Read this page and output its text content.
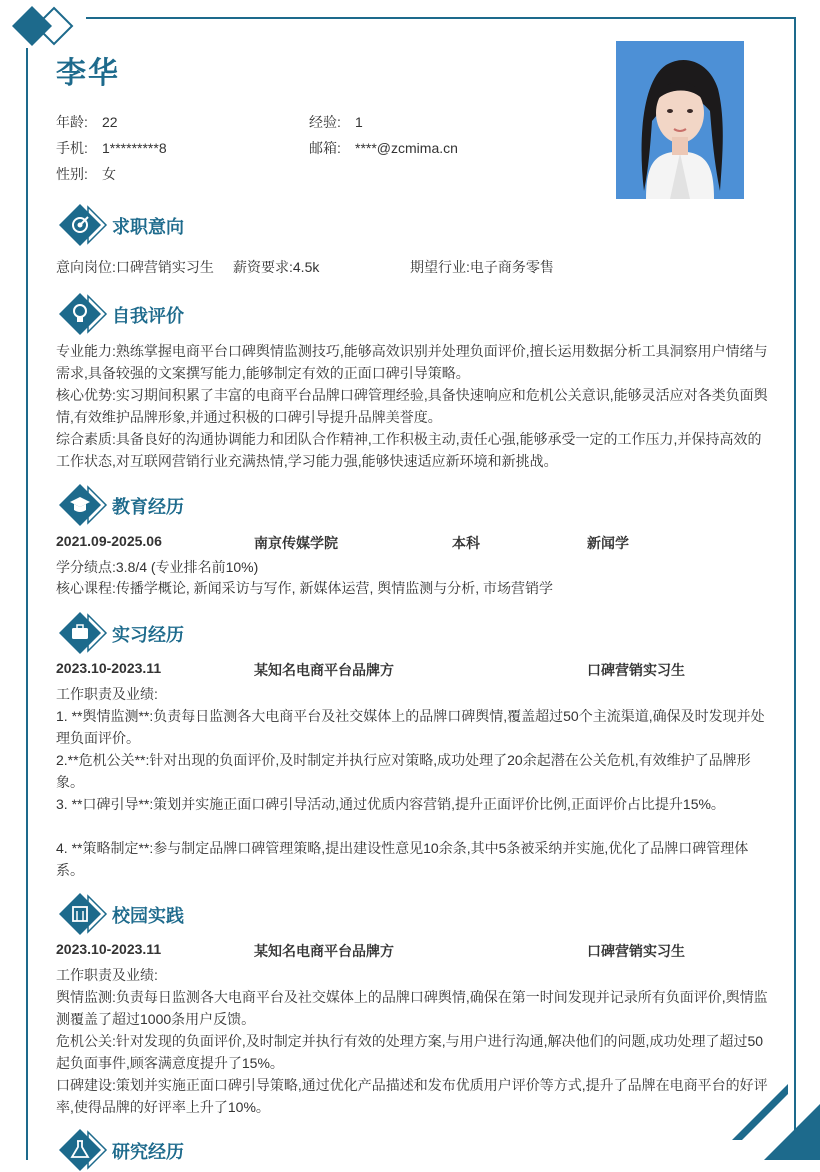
李华
年龄: 22	经验: 1
手机: 1*********8	邮箱: ****@zcmima.cn
性别: 女
求职意向
意向岗位:口碑营销实习生 薪资要求:4.5k	期望行业:电子商务零售
自我评价

专业能力:熟练掌握电商平台口碑舆情监测技巧,能够高效识别并处理负面评价,擅长运用数据分析工具洞察用户情绪与需求,具备较强的文案撰写能力,能够制定有效的正面口碑引导策略。

核心优势:实习期间积累了丰富的电商平台品牌口碑管理经验,具备快速响应和危机公关意识,能够灵活应对各类负面舆情,有效维护品牌形象,并通过积极的口碑引导提升品牌美誉度。

综合素质:具备良好的沟通协调能力和团队合作精神,工作积极主动,责任心强,能够承受一定的工作压力,并保持高效的工作状态,对互联网营销行业充满热情,学习能力强,能够快速适应新环境和新挑战。

教育经历
2021.09-2025.06	南京传媒学院	本科	新闻学
学分绩点:3.8/4 (专业排名前10%)
核心课程:传播学概论, 新闻采访与写作, 新媒体运营, 舆情监测与分析, 市场营销学
实习经历
2023.10-2023.11	某知名电商平台品牌方	口碑营销实习生
工作职责及业绩:

1. **舆情监测**:负责每日监测各大电商平台及社交媒体上的品牌口碑舆情,覆盖超过50个主流渠道,确保及时发现并处理负面评价。

2.**危机公关**:针对出现的负面评价,及时制定并执行应对策略,成功处理了20余起潜在公关危机,有效维护了品牌形象。

3. **口碑引导**:策划并实施正面口碑引导活动,通过优质内容营销,提升正面评价比例,正面评价占比提升15%。

4. **策略制定**:参与制定品牌口碑管理策略,提出建设性意见10余条,其中5条被采纳并实施,优化了品牌口碑管理体系。

校园实践
2023.10-2023.11	某知名电商平台品牌方	口碑营销实习生
工作职责及业绩:

舆情监测:负责每日监测各大电商平台及社交媒体上的品牌口碑舆情,确保在第一时间发现并记录所有负面评价,舆情监测覆盖了超过1000条用户反馈。

危机公关:针对发现的负面评价,及时制定并执行有效的处理方案,与用户进行沟通,解决他们的问题,成功处理了超过50起负面事件,顾客满意度提升了15%。

口碑建设:策划并实施正面口碑引导策略,通过优化产品描述和发布优质用户评价等方式,提升了品牌在电商平台的好评率,使得品牌的好评率上升了10%。

研究经历
